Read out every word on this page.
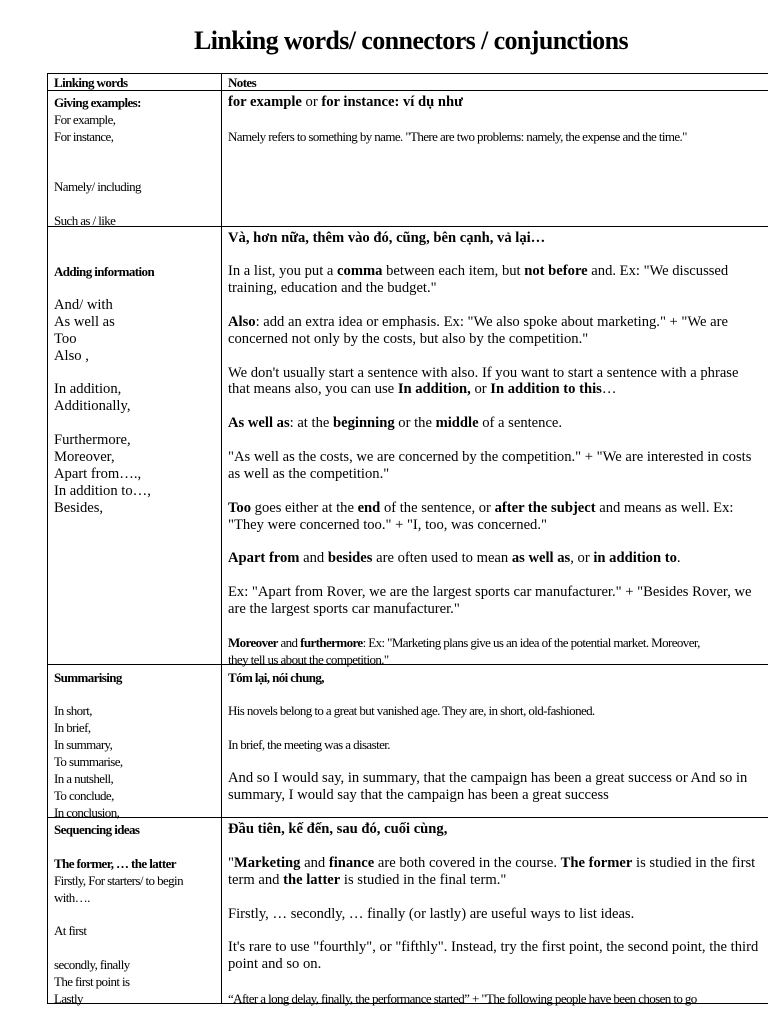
Linking words/ connectors / conjunctions
Linking words	Notes
Giving examples:
For example,
For instance,
Namely/ including
Such as / like
for example or for instance: ví dụ như
Namely refers to something by name. "There are two problems: namely, the expense and the time."
Adding information
And/ with
As well as
Too
Also ,
In addition,
Additionally,
Furthermore,
Moreover,
Apart from….,
In addition to…,
Besides,
Và, hơn nữa, thêm vào đó, cũng, bên cạnh, vả lại…
In a list, you put a comma between each item, but not before and. Ex: "We discussed
training, education and the budget."
Also: add an extra idea or emphasis. Ex: "We also spoke about marketing." + "We are
concerned not only by the costs, but also by the competition."
We don't usually start a sentence with also. If you want to start a sentence with a phrase
that means also, you can use In addition, or In addition to this…
As well as: at the beginning or the middle of a sentence.
"As well as the costs, we are concerned by the competition." + "We are interested in costs
as well as the competition."
Too goes either at the end of the sentence, or after the subject and means as well. Ex:
"They were concerned too." + "I, too, was concerned."
Apart from and besides are often used to mean as well as, or in addition to.
Ex: "Apart from Rover, we are the largest sports car manufacturer." + "Besides Rover, we
are the largest sports car manufacturer."
Moreover and furthermore: Ex: "Marketing plans give us an idea of the potential market. Moreover,
they tell us about the competition."
Summarising
In short,
In brief,
In summary,
To summarise,
In a nutshell,
To conclude,
In conclusion,
Tóm lại, nói chung,
His novels belong to a great but vanished age. They are, in short, old-fashioned.
In brief, the meeting was a disaster.
And so I would say, in summary, that the campaign has been a great success or And so in
summary, I would say that the campaign has been a great success
Sequencing ideas
The former, … the latter
Firstly, For starters/ to begin
with….
At first
secondly, finally
The first point is
Lastly
Đầu tiên, kế đến, sau đó, cuối cùng,
"Marketing and finance are both covered in the course. The former is studied in the first
term and the latter is studied in the final term."
Firstly, … secondly, … finally (or lastly) are useful ways to list ideas.
It's rare to use "fourthly", or "fifthly". Instead, try the first point, the second point, the third
point and so on.
“After a long delay, finally, the performance started” + "The following people have been chosen to go
